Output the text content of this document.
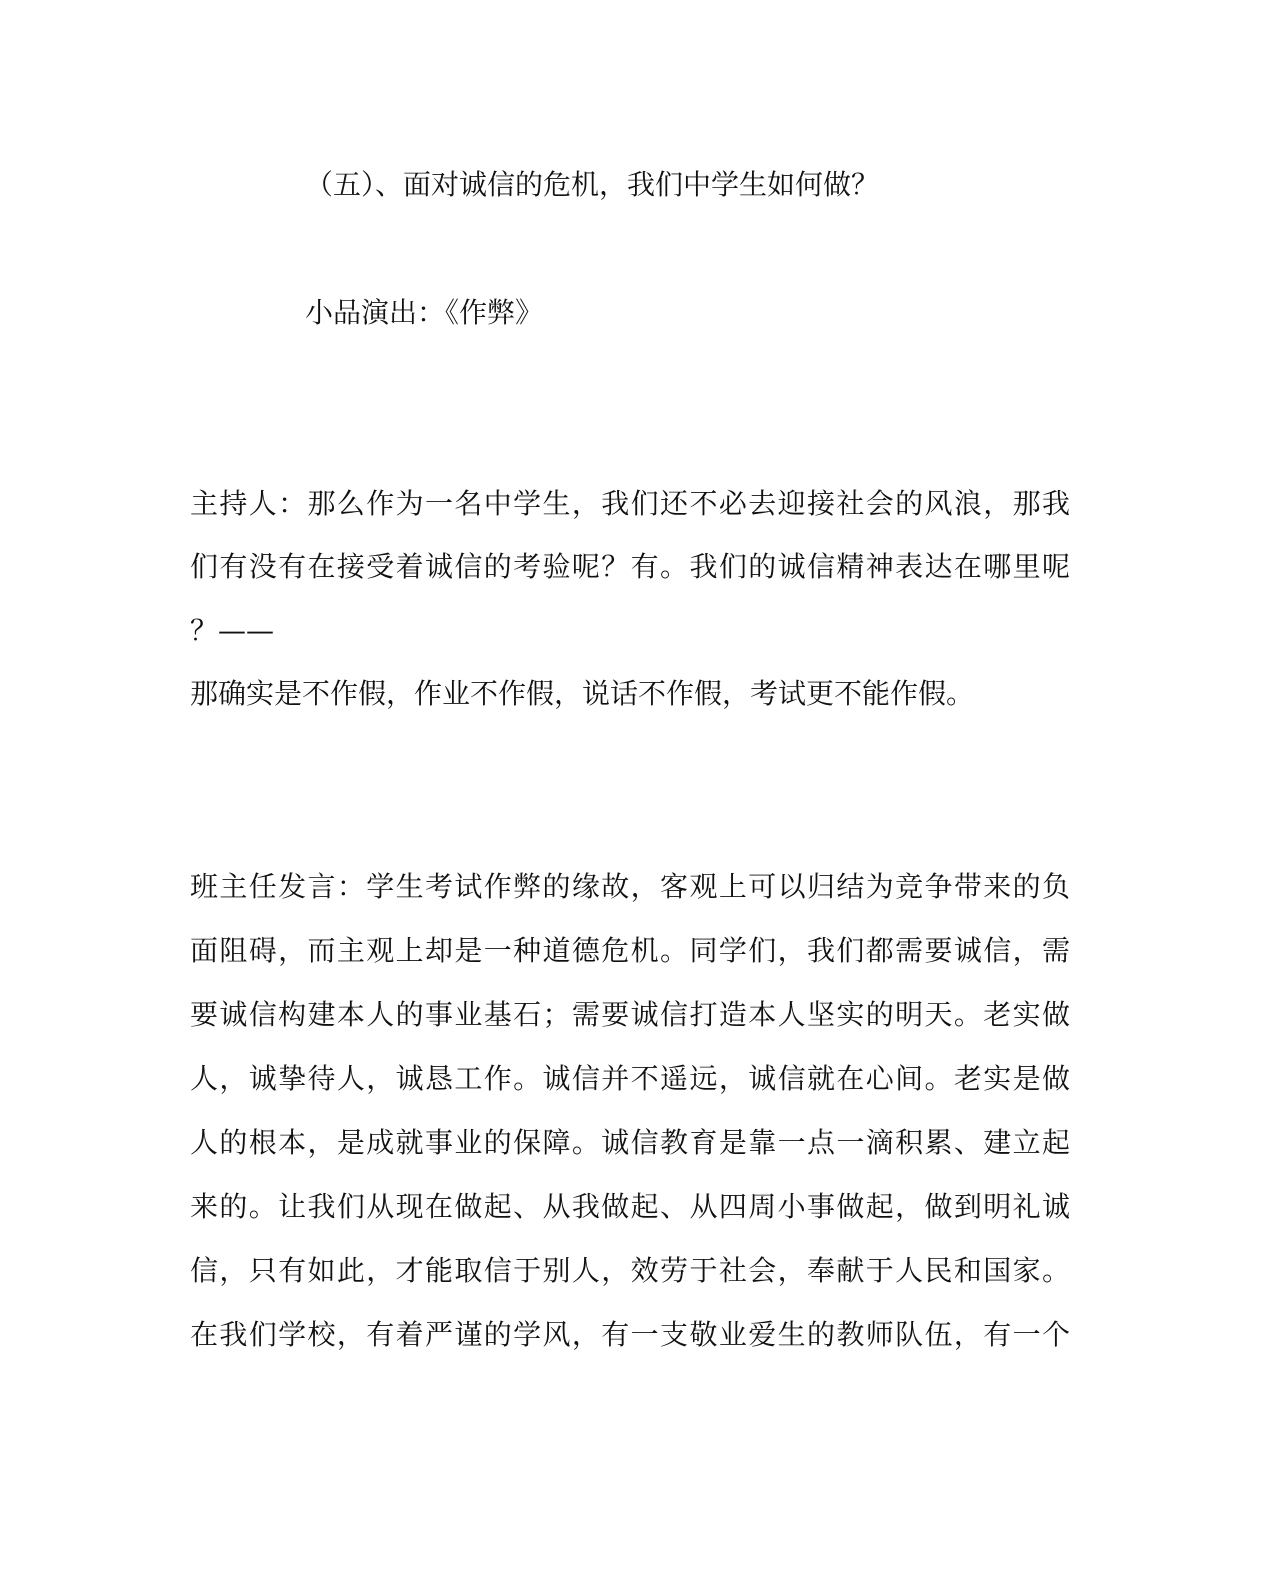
（五）、面对诚信的危机，我们中学生如何做？
小品演出：《作弊》
主持人：那么作为一名中学生，我们还不必去迎接社会的风浪，那我
们有没有在接受着诚信的考验呢？有。我们的诚信精神表达在哪里呢
？——
那确实是不作假，作业不作假，说话不作假，考试更不能作假。
班主任发言：学生考试作弊的缘故，客观上可以归结为竞争带来的负
面阻碍，而主观上却是一种道德危机。同学们，我们都需要诚信，需
要诚信构建本人的事业基石；需要诚信打造本人坚实的明天。老实做
人，诚挚待人，诚恳工作。诚信并不遥远，诚信就在心间。老实是做
人的根本，是成就事业的保障。诚信教育是靠一点一滴积累、建立起
来的。让我们从现在做起、从我做起、从四周小事做起，做到明礼诚
信，只有如此，才能取信于别人，效劳于社会，奉献于人民和国家。
在我们学校，有着严谨的学风，有一支敬业爱生的教师队伍，有一个
